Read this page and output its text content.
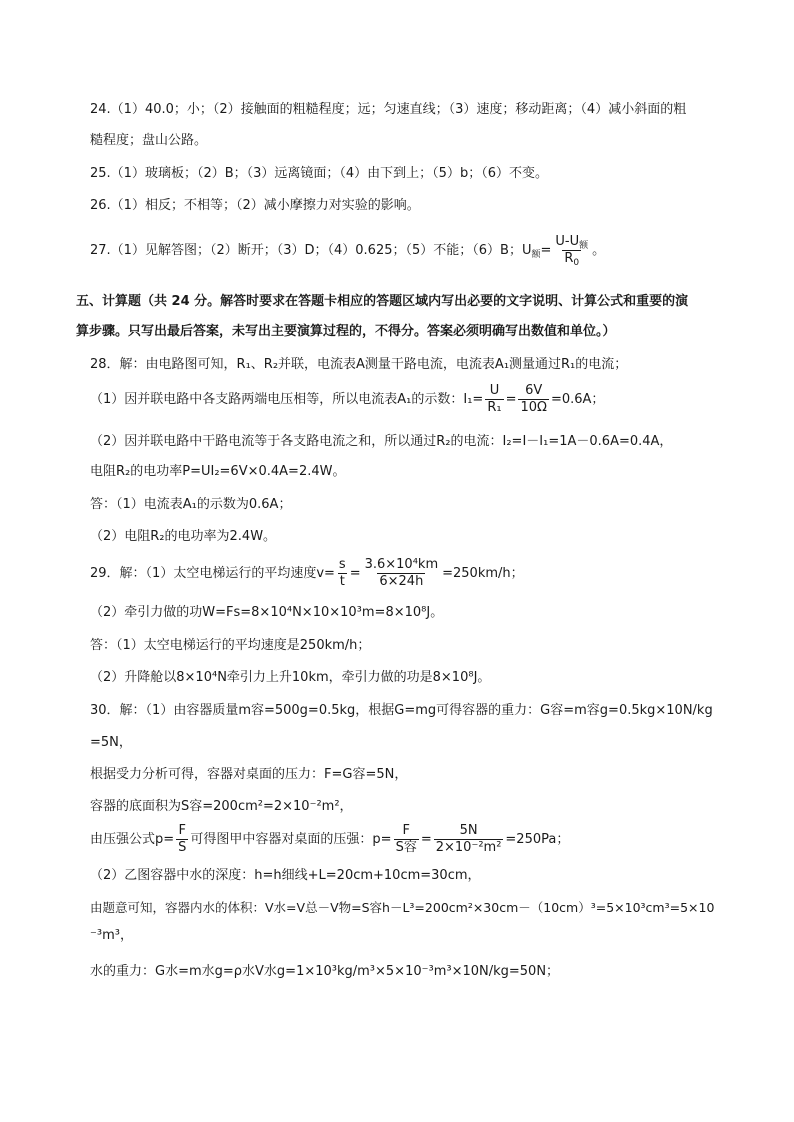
24.（1）40.0；小；（2）接触面的粗糙程度；远；匀速直线；（3）速度；移动距离；（4）减小斜面的粗
糙程度；盘山公路。
25.（1）玻璃板；（2）B；（3）远离镜面；（4）由下到上；（5）b；（6）不变。
26.（1）相反；不相等；（2）减小摩擦力对实验的影响。
27.（1）见解答图；（2）断开；（3）D；（4）0.625；（5）不能；（6）B；$U_额= \frac{U-U_额}{R_0}$ 。
五、计算题（共 24 分。解答时要求在答题卡相应的答题区域内写出必要的文字说明、计算公式和重要的演
算步骤。只写出最后答案，未写出主要演算过程的，不得分。答案必须明确写出数值和单位。）
28．解：由电路图可知，R₁、R₂并联，电流表A测量干路电流，电流表A₁测量通过R₁的电流；
（1）因并联电路中各支路两端电压相等，所以电流表A₁的示数：$I_1= \frac{U}{\text{R₁}} = \frac{6V}{10\Omega} =0.6A$；
（2）因并联电路中干路电流等于各支路电流之和，所以通过R₂的电流：I₂=I－I₁=1A－0.6A=0.4A，
电阻R₂的电功率P=UI₂=6V×0.4A=2.4W。
答：（1）电流表A₁的示数为0.6A；
（2）电阻R₂的电功率为2.4W。
29．解：（1）太空电梯运行的平均速度$v= \frac{s}{t} = \frac{\text{3.6×10⁴km}}{6\times 24h} =250km/h$；
（2）牵引力做的功W=Fs=8×10⁴N×10×10³m=8×10⁸J。
答：（1）太空电梯运行的平均速度是250km/h；
（2）升降舱以8×10⁴N牵引力上升10km，牵引力做的功是8×10⁸J。
30．解：（1）由容器质量m容=500g=0.5kg，根据G=mg可得容器的重力：G容=m容g=0.5kg×10N/kg
=5N，
根据受力分析可得，容器对桌面的压力：F=G容=5N，
容器的底面积为S容=200cm²=2×10⁻²m²，
由压强公式$p= \frac{F}{S}$ 可得图甲中容器对桌面的压强：$p= \frac{F}{\text{S容}} = \frac{5N}{\text{2×10⁻²m²}} =250Pa$；
（2）乙图容器中水的深度：h=h细线+L=20cm+10cm=30cm，
由题意可知，容器内水的体积：V水=V总－V物=S容h－L³=200cm²×30cm－（10cm）³=5×10³cm³=5×10
⁻³m³，
水的重力：G水=m水g=ρ水V水g=1×10³kg/m³×5×10⁻³m³×10N/kg=50N；
